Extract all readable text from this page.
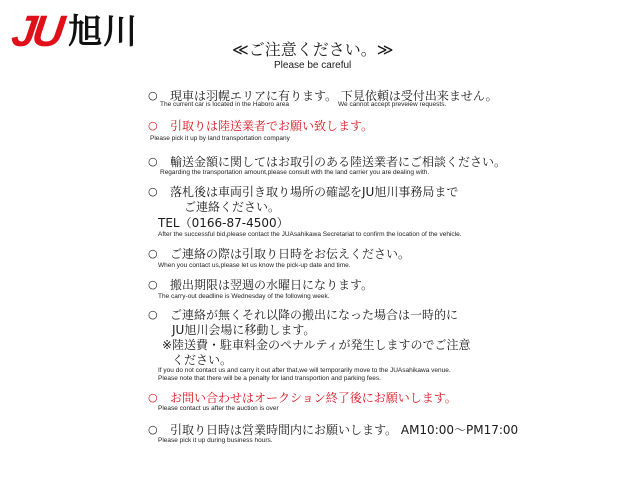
JU 旭川	≪ご注意ください。≫
Please be careful
○ 現車は羽幌エリアに有ります。 下見依頼は受付出来ません。
The current car is located in the Haboro area	We cannot accept preveiew requests.
○ 引取りは陸送業者でお願い致します。
Please pick it up by land transportation company
○ 輸送金額に関してはお取引のある陸送業者にご相談ください。
Regarding the transportation amount,please consult with the land carrier you are dealing with.
○ 落札後は車両引き取り場所の確認をJU旭川事務局まで
ご連絡ください。
TEL（0166-87-4500）
After the successful bid,please contact the JUAsahikawa Secretariat to confirm the location of the vehicle.
○ ご連絡の際は引取り日時をお伝えください。
When you contact us,please let us know the pick-up date and time.
○ 搬出期限は翌週の水曜日になります。
The carry-out deadline is Wednesday of the following week.
○ ご連絡が無くそれ以降の搬出になった場合は一時的に
JU旭川会場に移動します。
※陸送費・駐車料金のペナルティが発生しますのでご注意
ください。
If you do not contact us and carry it out after that,we will temporarily move to the JUAsahikawa venue.
Please note that there will be a penalty for land transportion and parking fees.
○ お問い合わせはオークション終了後にお願いします。
Please contact us after the auction is over
○ 引取り日時は営業時間内にお願いします。 AM10:00〜PM17:00
Please pick it up during business hours.
